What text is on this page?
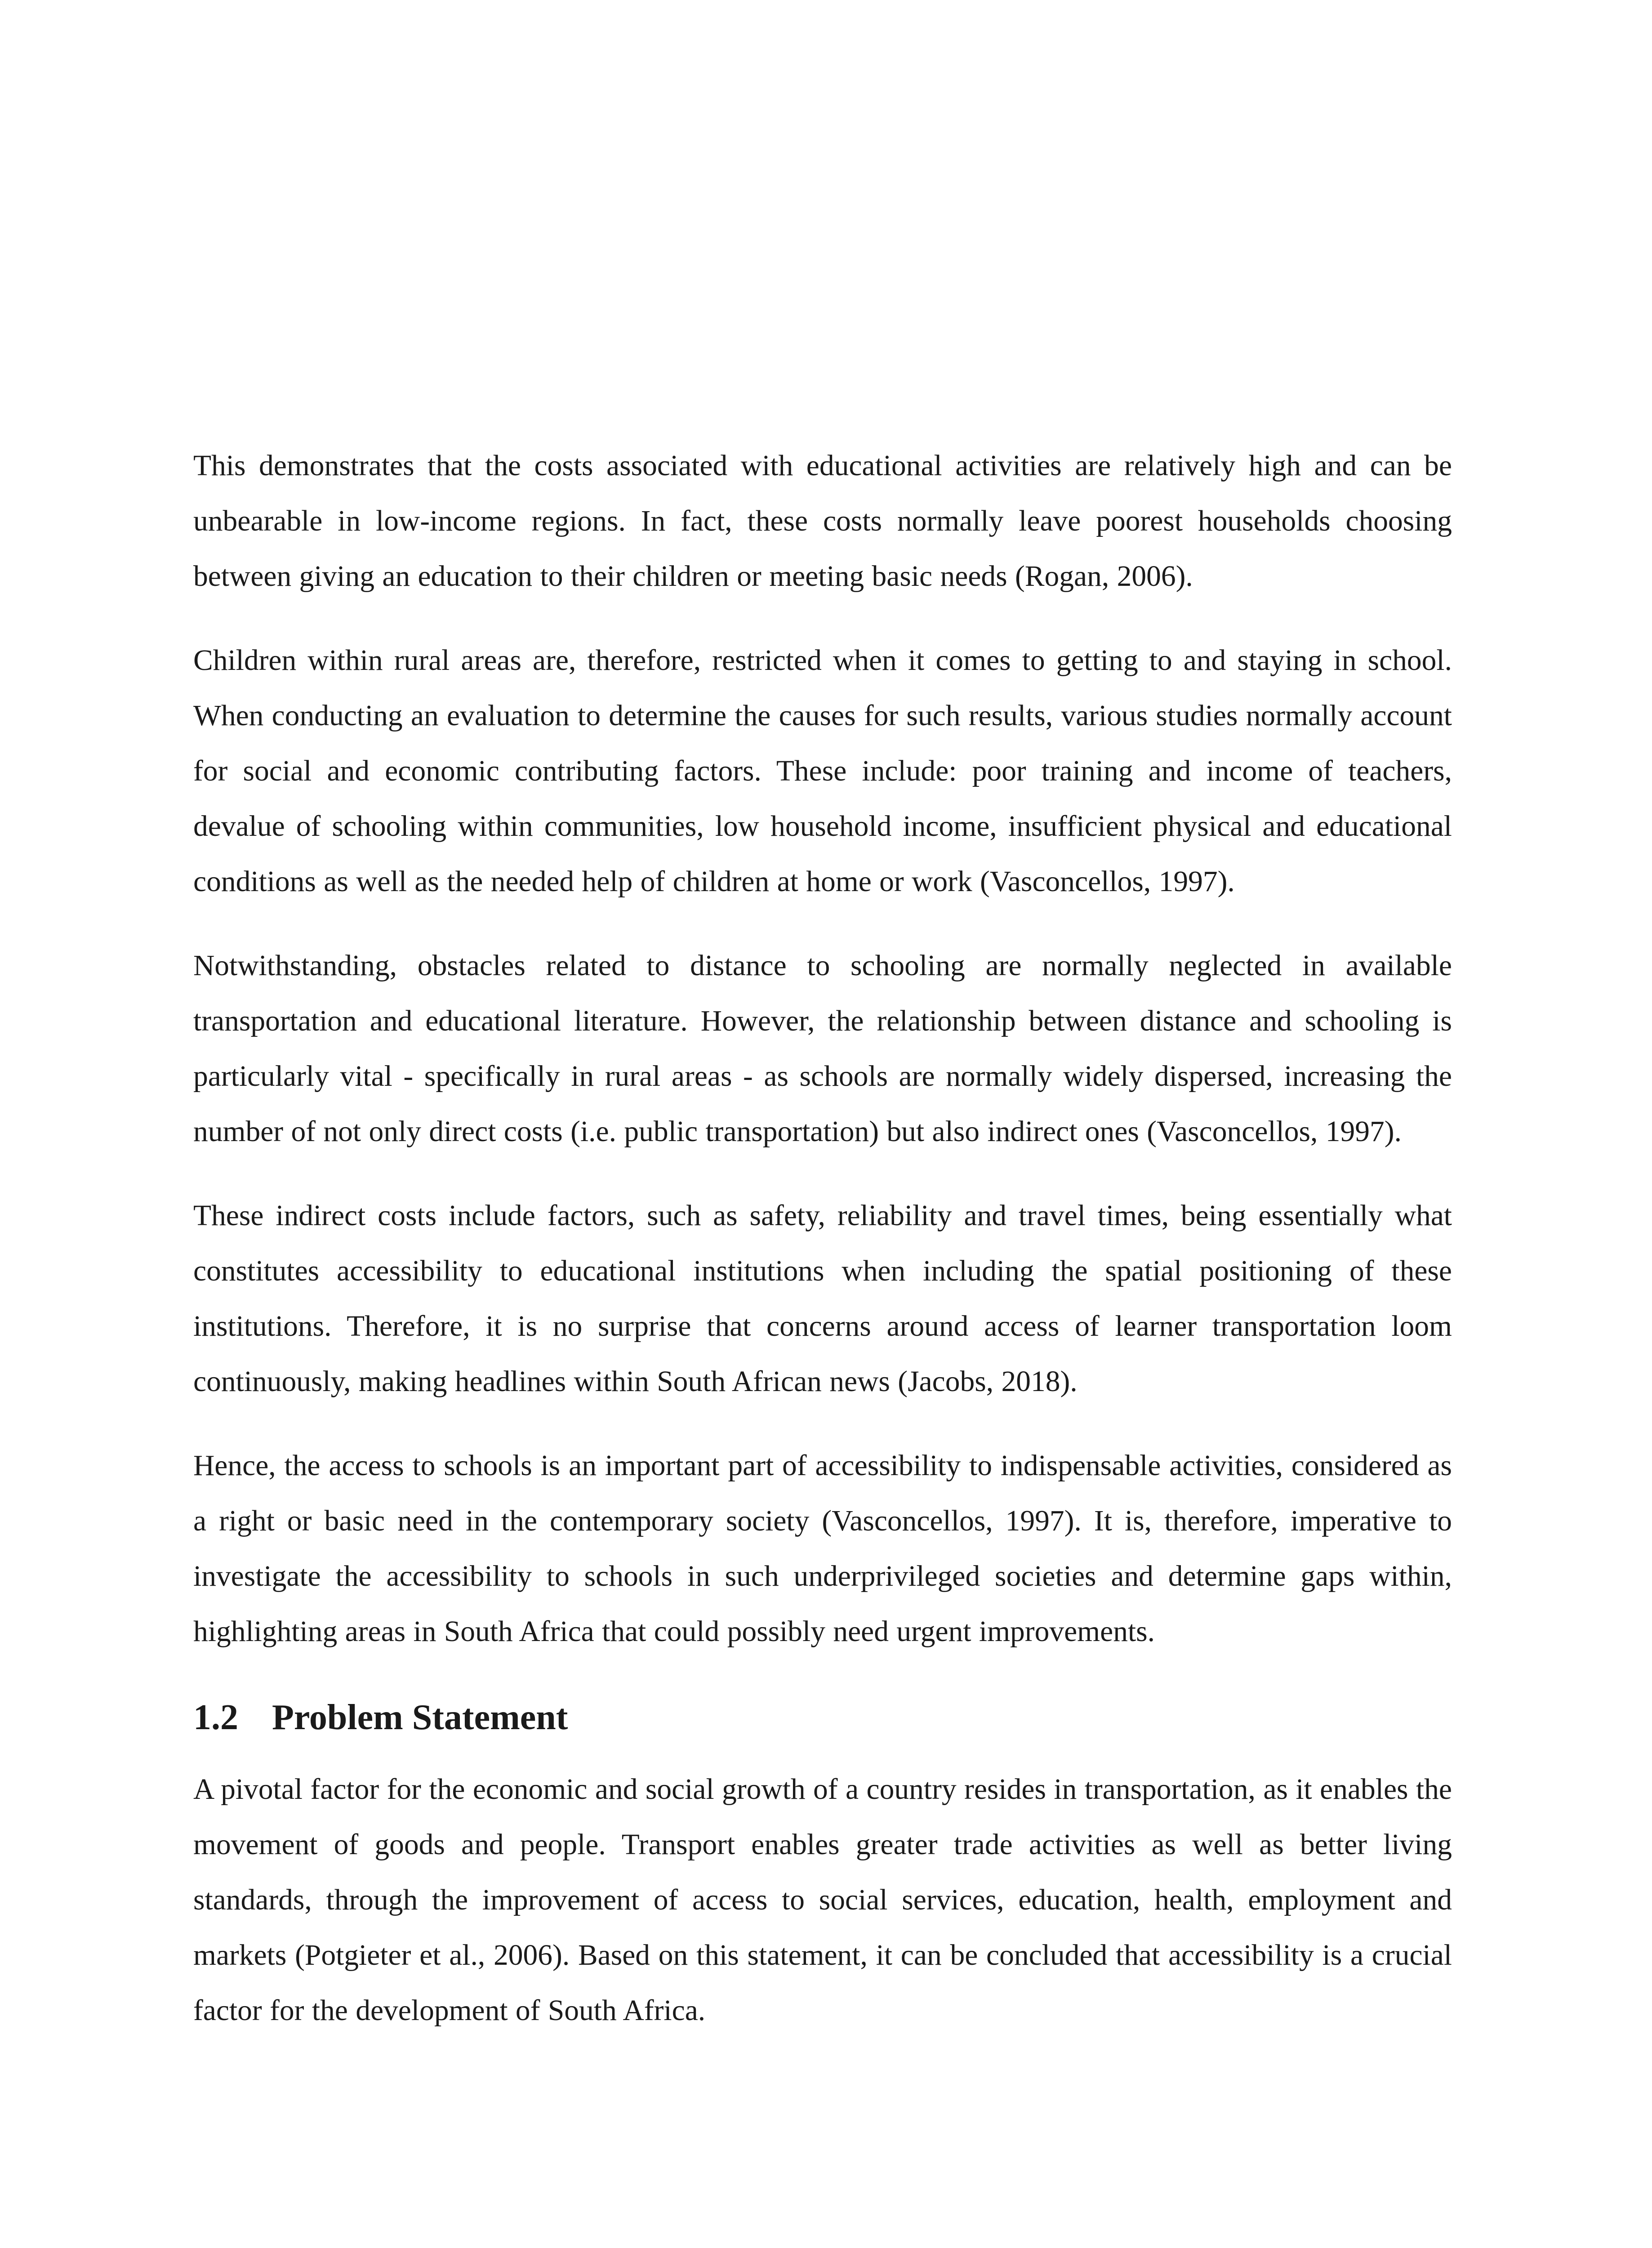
This demonstrates that the costs associated with educational activities are relatively high and can be unbearable in low-income regions. In fact, these costs normally leave poorest households choosing between giving an education to their children or meeting basic needs (Rogan, 2006).

Children within rural areas are, therefore, restricted when it comes to getting to and staying in school. When conducting an evaluation to determine the causes for such results, various studies normally account for social and economic contributing factors. These include: poor training and income of teachers, devalue of schooling within communities, low household income, insufficient physical and educational conditions as well as the needed help of children at home or work (Vasconcellos, 1997).

Notwithstanding, obstacles related to distance to schooling are normally neglected in available transportation and educational literature. However, the relationship between distance and schooling is particularly vital - specifically in rural areas - as schools are normally widely dispersed, increasing the number of not only direct costs (i.e. public transportation) but also indirect ones (Vasconcellos, 1997).

These indirect costs include factors, such as safety, reliability and travel times, being essentially what constitutes accessibility to educational institutions when including the spatial positioning of these institutions. Therefore, it is no surprise that concerns around access of learner transportation loom continuously, making headlines within South African news (Jacobs, 2018).

Hence, the access to schools is an important part of accessibility to indispensable activities, considered as a right or basic need in the contemporary society (Vasconcellos, 1997). It is, therefore, imperative to investigate the accessibility to schools in such underprivileged societies and determine gaps within, highlighting areas in South Africa that could possibly need urgent improvements.

1.2 Problem Statement

A pivotal factor for the economic and social growth of a country resides in transportation, as it enables the movement of goods and people. Transport enables greater trade activities as well as better living standards, through the improvement of access to social services, education, health, employment and markets (Potgieter et al., 2006). Based on this statement, it can be concluded that accessibility is a crucial factor for the development of South Africa.
